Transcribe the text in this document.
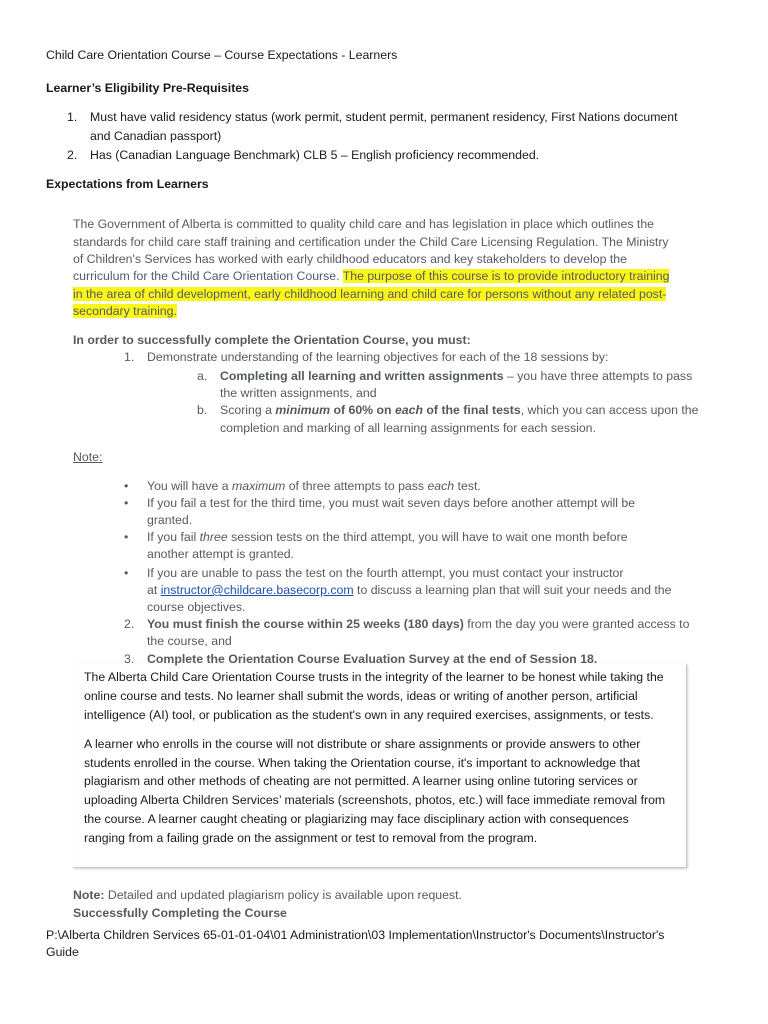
Child Care Orientation Course – Course Expectations - Learners
Learner’s Eligibility Pre-Requisites
1. Must have valid residency status (work permit, student permit, permanent residency, First Nations document
and Canadian passport)
2. Has (Canadian Language Benchmark) CLB 5 – English proficiency recommended.
Expectations from Learners
The Government of Alberta is committed to quality child care and has legislation in place which outlines the
standards for child care staff training and certification under the Child Care Licensing Regulation. The Ministry
of Children's Services has worked with early childhood educators and key stakeholders to develop the
curriculum for the Child Care Orientation Course. The purpose of this course is to provide introductory training
in the area of child development, early childhood learning and child care for persons without any related post-
secondary training.
In order to successfully complete the Orientation Course, you must:
1. Demonstrate understanding of the learning objectives for each of the 18 sessions by:
a. Completing all learning and written assignments – you have three attempts to pass
the written assignments, and
b. Scoring a minimum of 60% on each of the final tests, which you can access upon the
completion and marking of all learning assignments for each session.
Note:
• You will have a maximum of three attempts to pass each test.
• If you fail a test for the third time, you must wait seven days before another attempt will be
granted.
• If you fail three session tests on the third attempt, you will have to wait one month before
another attempt is granted.
• If you are unable to pass the test on the fourth attempt, you must contact your instructor
at instructor@childcare.basecorp.com to discuss a learning plan that will suit your needs and the
course objectives.
2. You must finish the course within 25 weeks (180 days) from the day you were granted access to
the course, and
3. Complete the Orientation Course Evaluation Survey at the end of Session 18.
The Alberta Child Care Orientation Course trusts in the integrity of the learner to be honest while taking the
online course and tests. No learner shall submit the words, ideas or writing of another person, artificial
intelligence (AI) tool, or publication as the student's own in any required exercises, assignments, or tests.
A learner who enrolls in the course will not distribute or share assignments or provide answers to other
students enrolled in the course. When taking the Orientation course, it's important to acknowledge that
plagiarism and other methods of cheating are not permitted. A learner using online tutoring services or
uploading Alberta Children Services’ materials (screenshots, photos, etc.) will face immediate removal from
the course. A learner caught cheating or plagiarizing may face disciplinary action with consequences
ranging from a failing grade on the assignment or test to removal from the program.
Note: Detailed and updated plagiarism policy is available upon request.
Successfully Completing the Course
P:\Alberta Children Services 65-01-01-04\01 Administration\03 Implementation\Instructor's Documents\Instructor's
Guide
